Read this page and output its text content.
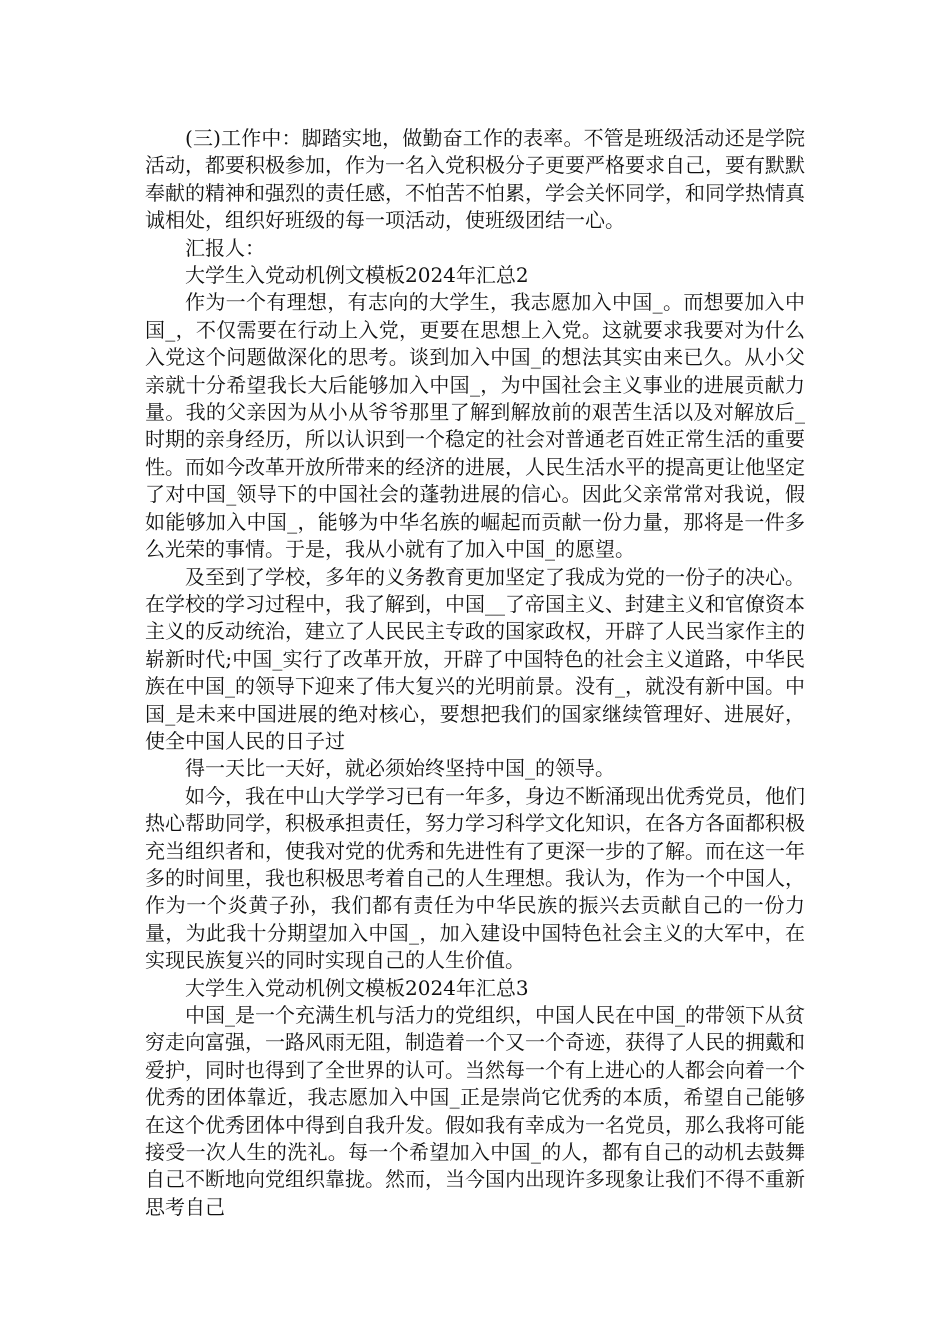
(三)工作中：脚踏实地，做勤奋工作的表率。不管是班级活动还是学院活动，都要积极参加，作为一名入党积极分子更要严格要求自己，要有默默奉献的精神和强烈的责任感，不怕苦不怕累，学会关怀同学，和同学热情真诚相处，组织好班级的每一项活动，使班级团结一心。

汇报人：

大学生入党动机例文模板2024年汇总2

作为一个有理想，有志向的大学生，我志愿加入中国_。而想要加入中国_，不仅需要在行动上入党，更要在思想上入党。这就要求我要对为什么入党这个问题做深化的思考。谈到加入中国_的想法其实由来已久。从小父亲就十分希望我长大后能够加入中国_，为中国社会主义事业的进展贡献力量。我的父亲因为从小从爷爷那里了解到解放前的艰苦生活以及对解放后_时期的亲身经历，所以认识到一个稳定的社会对普通老百姓正常生活的重要性。而如今改革开放所带来的经济的进展，人民生活水平的提高更让他坚定了对中国_领导下的中国社会的蓬勃进展的信心。因此父亲常常对我说，假如能够加入中国_，能够为中华名族的崛起而贡献一份力量，那将是一件多么光荣的事情。于是，我从小就有了加入中国_的愿望。

及至到了学校，多年的义务教育更加坚定了我成为党的一份子的决心。在学校的学习过程中，我了解到，中国__了帝国主义、封建主义和官僚资本主义的反动统治，建立了人民民主专政的国家政权，开辟了人民当家作主的崭新时代;中国_实行了改革开放，开辟了中国特色的社会主义道路，中华民族在中国_的领导下迎来了伟大复兴的光明前景。没有_，就没有新中国。中国_是未来中国进展的绝对核心，要想把我们的国家继续管理好、进展好，使全中国人民的日子过

得一天比一天好，就必须始终坚持中国_的领导。

如今，我在中山大学学习已有一年多，身边不断涌现出优秀党员，他们热心帮助同学，积极承担责任，努力学习科学文化知识，在各方各面都积极充当组织者和，使我对党的优秀和先进性有了更深一步的了解。而在这一年多的时间里，我也积极思考着自己的人生理想。我认为，作为一个中国人，作为一个炎黄子孙，我们都有责任为中华民族的振兴去贡献自己的一份力量，为此我十分期望加入中国_，加入建设中国特色社会主义的大军中，在实现民族复兴的同时实现自己的人生价值。

大学生入党动机例文模板2024年汇总3

中国_是一个充满生机与活力的党组织，中国人民在中国_的带领下从贫穷走向富强，一路风雨无阻，制造着一个又一个奇迹，获得了人民的拥戴和爱护，同时也得到了全世界的认可。当然每一个有上进心的人都会向着一个优秀的团体靠近，我志愿加入中国_正是崇尚它优秀的本质，希望自己能够在这个优秀团体中得到自我升发。假如我有幸成为一名党员，那么我将可能接受一次人生的洗礼。每一个希望加入中国_的人，都有自己的动机去鼓舞自己不断地向党组织靠拢。然而，当今国内出现许多现象让我们不得不重新思考自己
